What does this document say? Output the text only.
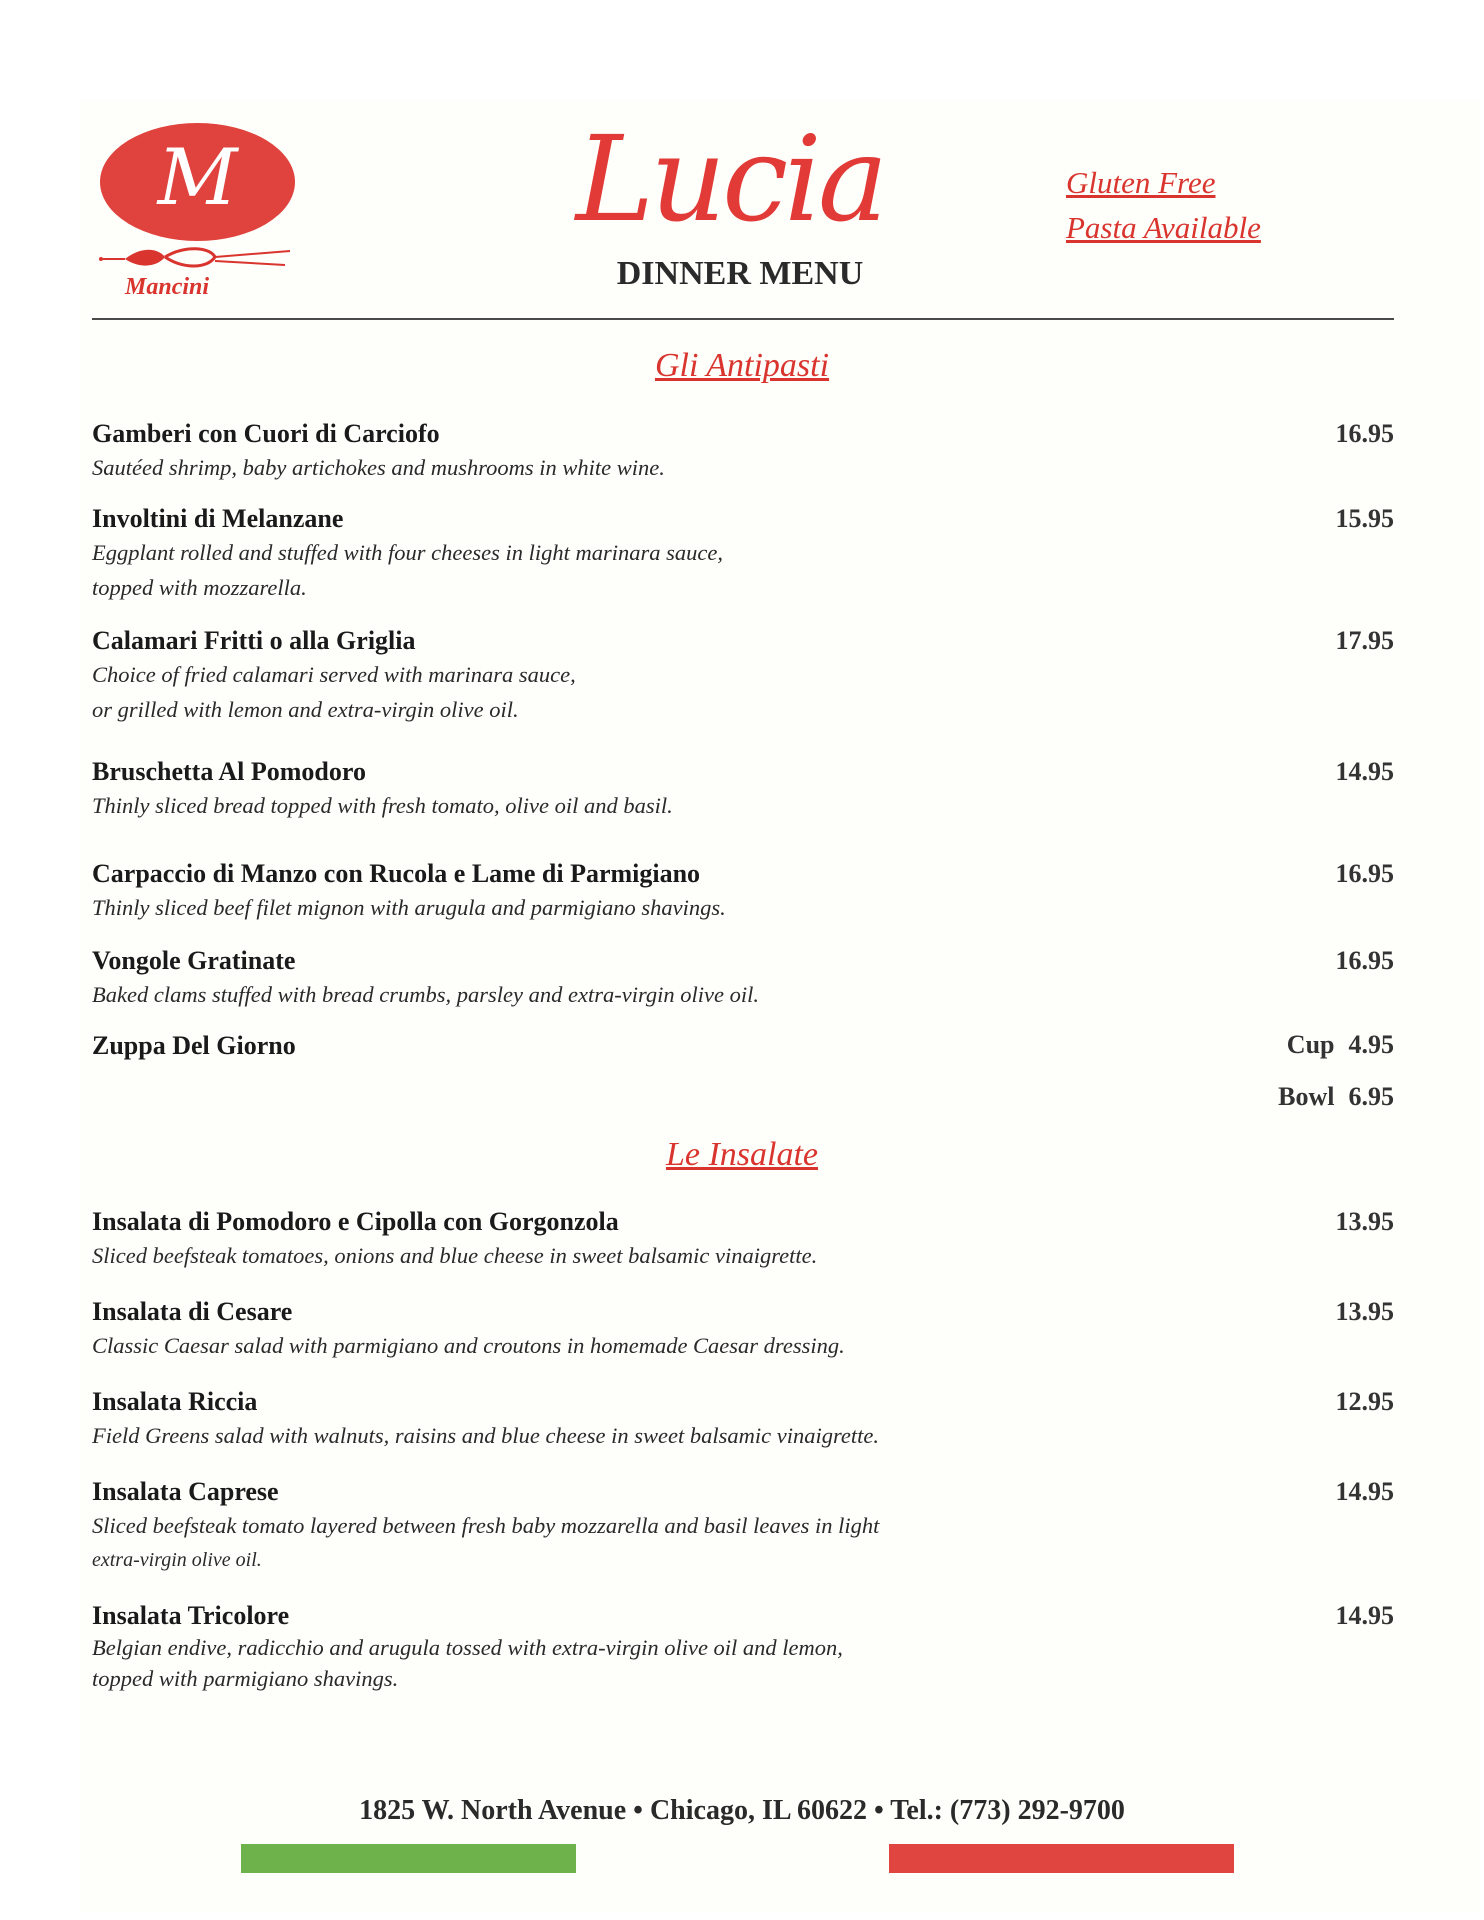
M
Mancini
Lucia
DINNER MENU
Gluten Free
Pasta Available
Gli Antipasti
Gamberi con Cuori di Carciofo
Sautéed shrimp, baby artichokes and mushrooms in white wine.
16.95
Involtini di Melanzane
Eggplant rolled and stuffed with four cheeses in light marinara sauce,
topped with mozzarella.
15.95
Calamari Fritti o alla Griglia
Choice of fried calamari served with marinara sauce,
or grilled with lemon and extra-virgin olive oil.
17.95
Bruschetta Al Pomodoro
Thinly sliced bread topped with fresh tomato, olive oil and basil.
14.95
Carpaccio di Manzo con Rucola e Lame di Parmigiano
Thinly sliced beef filet mignon with arugula and parmigiano shavings.
16.95
Vongole Gratinate
Baked clams stuffed with bread crumbs, parsley and extra-virgin olive oil.
16.95
Zuppa Del Giorno	Cup 4.95
Bowl 6.95
Le Insalate
Insalata di Pomodoro e Cipolla con Gorgonzola
Sliced beefsteak tomatoes, onions and blue cheese in sweet balsamic vinaigrette.
13.95
Insalata di Cesare
Classic Caesar salad with parmigiano and croutons in homemade Caesar dressing.
13.95
Insalata Riccia
Field Greens salad with walnuts, raisins and blue cheese in sweet balsamic vinaigrette.
12.95
Insalata Caprese
Sliced beefsteak tomato layered between fresh baby mozzarella and basil leaves in light
extra-virgin olive oil.
14.95
Insalata Tricolore
Belgian endive, radicchio and arugula tossed with extra-virgin olive oil and lemon,
topped with parmigiano shavings.
14.95
1825 W. North Avenue • Chicago, IL 60622 • Tel.: (773) 292-9700
